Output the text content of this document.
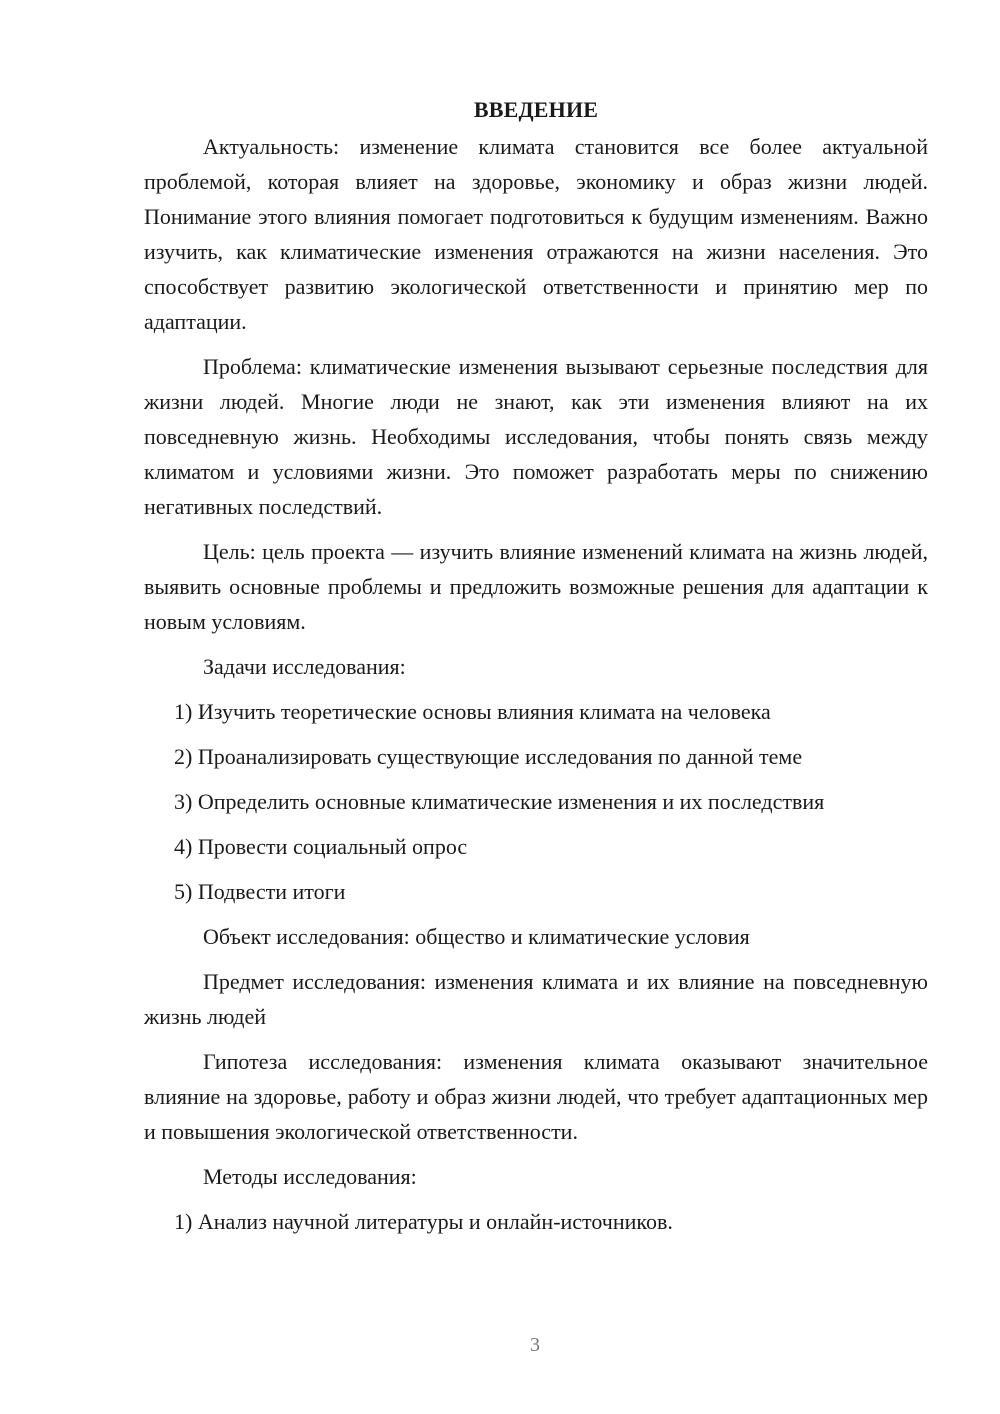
ВВЕДЕНИЕ

Актуальность: изменение климата становится все более актуальной проблемой, которая влияет на здоровье, экономику и образ жизни людей. Понимание этого влияния помогает подготовиться к будущим изменениям. Важно изучить, как климатические изменения отражаются на жизни населения. Это способствует развитию экологической ответственности и принятию мер по адаптации.

Проблема: климатические изменения вызывают серьезные последствия для жизни людей. Многие люди не знают, как эти изменения влияют на их повседневную жизнь. Необходимы исследования, чтобы понять связь между климатом и условиями жизни. Это поможет разработать меры по снижению негативных последствий.

Цель: цель проекта — изучить влияние изменений климата на жизнь людей, выявить основные проблемы и предложить возможные решения для адаптации к новым условиям.

Задачи исследования:
1) Изучить теоретические основы влияния климата на человека
2) Проанализировать существующие исследования по данной теме
3) Определить основные климатические изменения и их последствия
4) Провести социальный опрос
5) Подвести итоги
Объект исследования: общество и климатические условия

Предмет исследования: изменения климата и их влияние на повседневную жизнь людей

Гипотеза исследования: изменения климата оказывают значительное влияние на здоровье, работу и образ жизни людей, что требует адаптационных мер и повышения экологической ответственности.

Методы исследования:
1) Анализ научной литературы и онлайн-источников.
3
